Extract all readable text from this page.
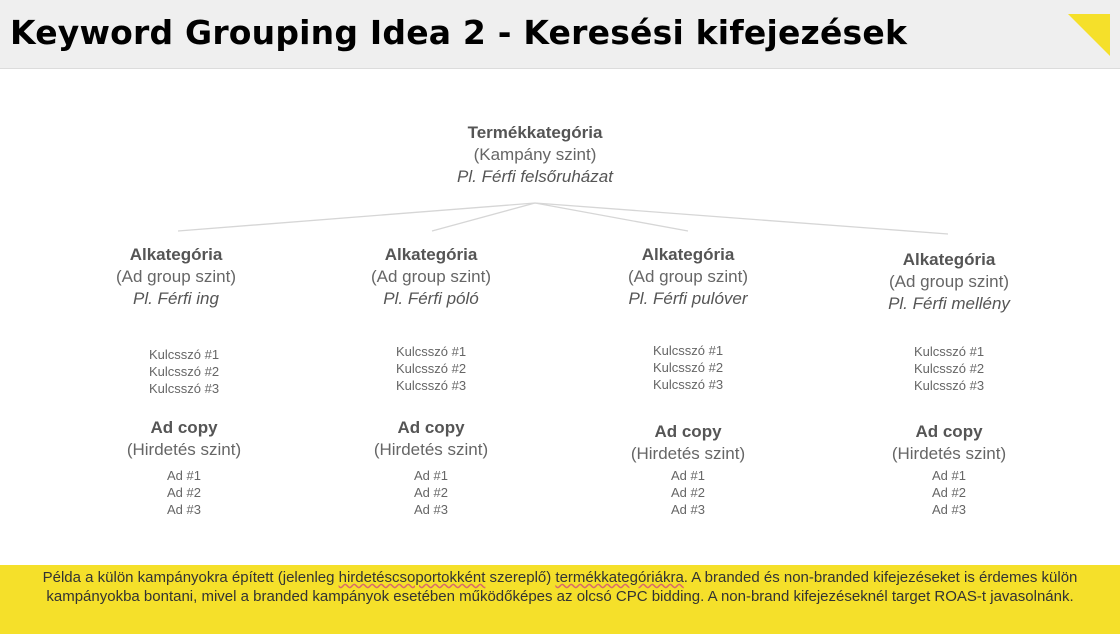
Keyword Grouping Idea 2 - Keresési kifejezések
Termékkategória
(Kampány szint)
Pl. Férfi felsőruházat
Alkategória
(Ad group szint)
Pl. Férfi ing
Kulcsszó #1
Kulcsszó #2
Kulcsszó #3
Ad copy
(Hirdetés szint)
Ad #1
Ad #2
Ad #3
Alkategória
(Ad group szint)
Pl. Férfi póló
Kulcsszó #1
Kulcsszó #2
Kulcsszó #3
Ad copy
(Hirdetés szint)
Ad #1
Ad #2
Ad #3
Alkategória
(Ad group szint)
Pl. Férfi pulóver
Kulcsszó #1
Kulcsszó #2
Kulcsszó #3
Ad copy
(Hirdetés szint)
Ad #1
Ad #2
Ad #3
Alkategória
(Ad group szint)
Pl. Férfi mellény
Kulcsszó #1
Kulcsszó #2
Kulcsszó #3
Ad copy
(Hirdetés szint)
Ad #1
Ad #2
Ad #3
Példa a külön kampányokra épített (jelenleg hirdetéscsoportokként szereplő) termékkategóriákra. A branded és non-branded kifejezéseket is érdemes külön kampányokba bontani, mivel a branded kampányok esetében működőképes az olcsó CPC bidding. A non-brand kifejezéseknél target ROAS-t javasolnánk.
